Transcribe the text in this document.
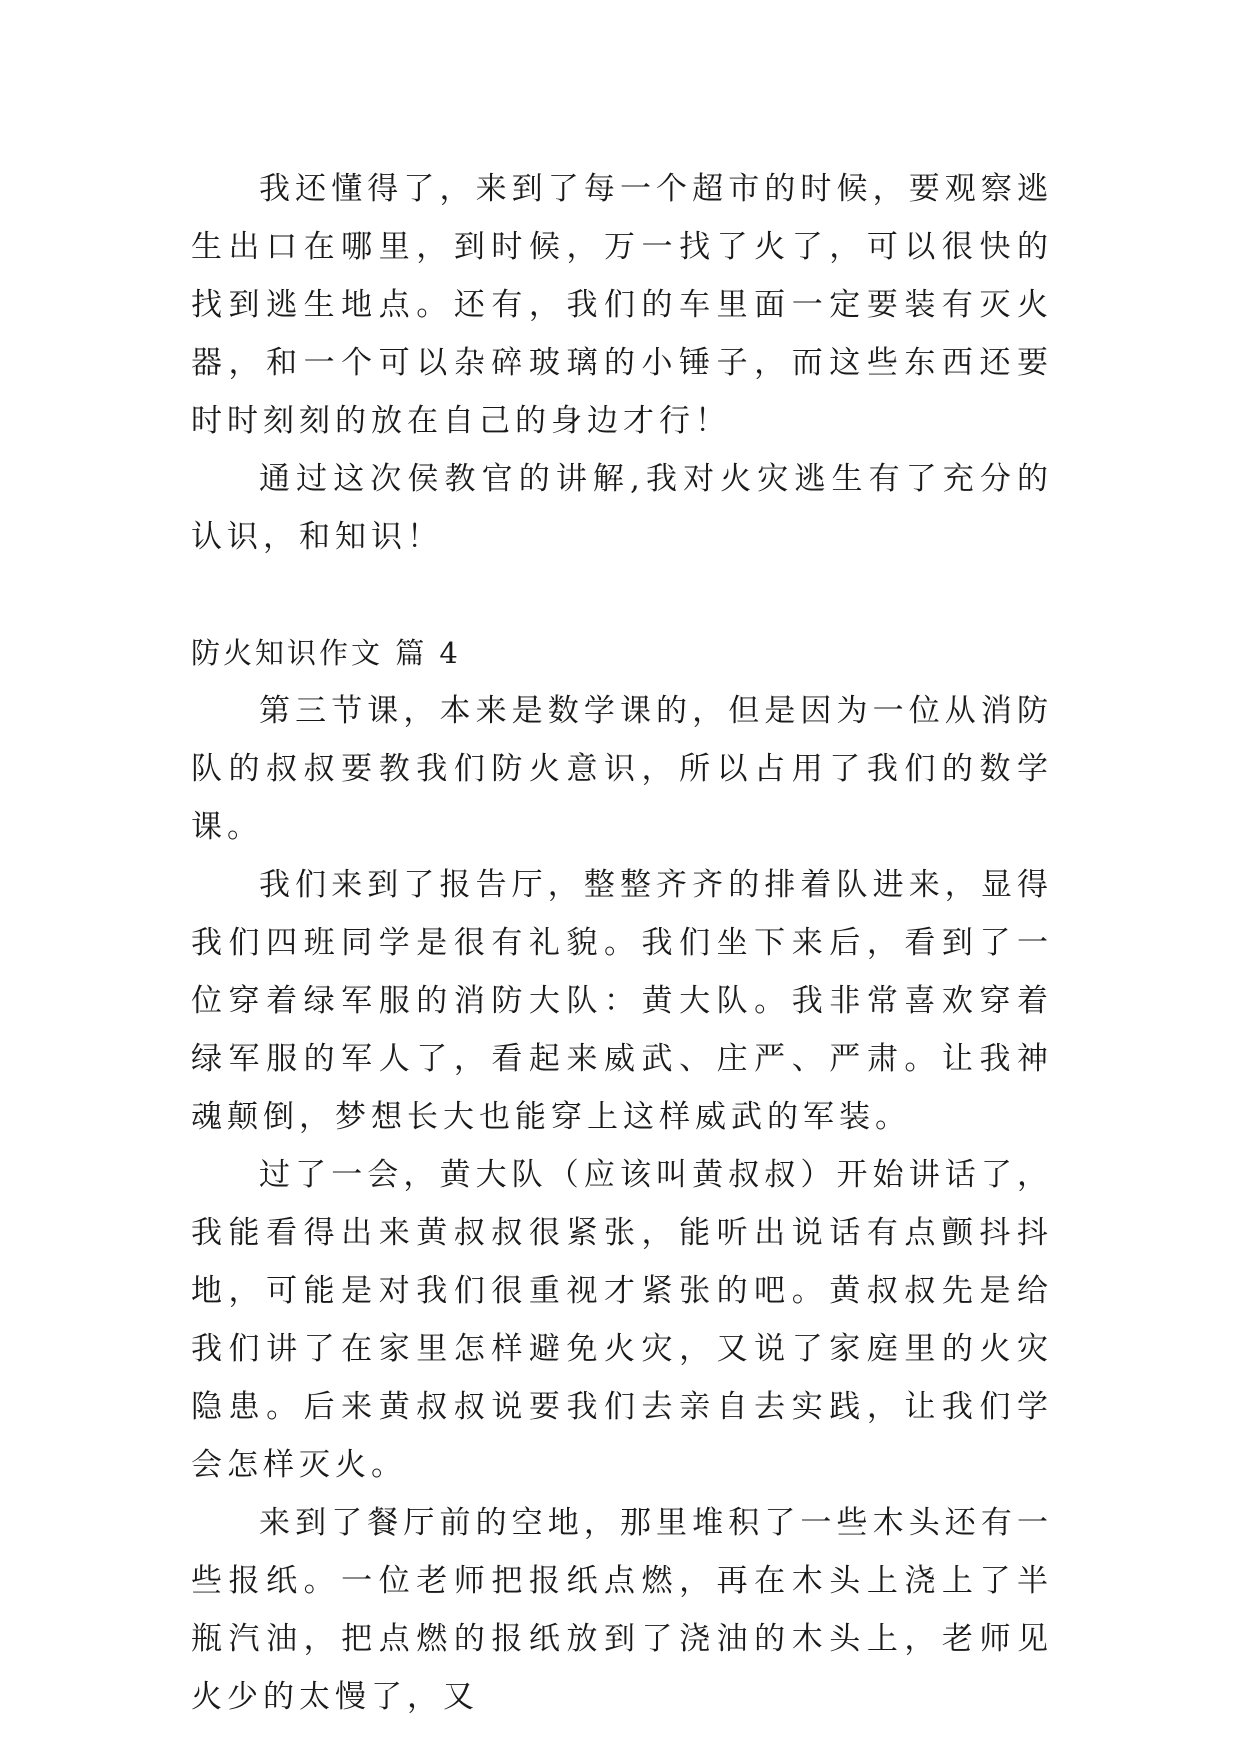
我还懂得了，来到了每一个超市的时候，要观察逃生出口在哪里，到时候，万一找了火了，可以很快的找到逃生地点。还有，我们的车里面一定要装有灭火器，和一个可以杂碎玻璃的小锤子，而这些东西还要时时刻刻的放在自己的身边才行！

通过这次侯教官的讲解,我对火灾逃生有了充分的认识，和知识！

防火知识作文 篇 4

第三节课，本来是数学课的，但是因为一位从消防队的叔叔要教我们防火意识，所以占用了我们的数学课。

我们来到了报告厅，整整齐齐的排着队进来，显得我们四班同学是很有礼貌。我们坐下来后，看到了一位穿着绿军服的消防大队：黄大队。我非常喜欢穿着绿军服的军人了，看起来威武、庄严、严肃。让我神魂颠倒，梦想长大也能穿上这样威武的军装。

过了一会，黄大队（应该叫黄叔叔）开始讲话了，我能看得出来黄叔叔很紧张，能听出说话有点颤抖抖地，可能是对我们很重视才紧张的吧。黄叔叔先是给我们讲了在家里怎样避免火灾，又说了家庭里的火灾隐患。后来黄叔叔说要我们去亲自去实践，让我们学会怎样灭火。

来到了餐厅前的空地，那里堆积了一些木头还有一些报纸。一位老师把报纸点燃，再在木头上浇上了半瓶汽油，把点燃的报纸放到了浇油的木头上，老师见火少的太慢了，又
